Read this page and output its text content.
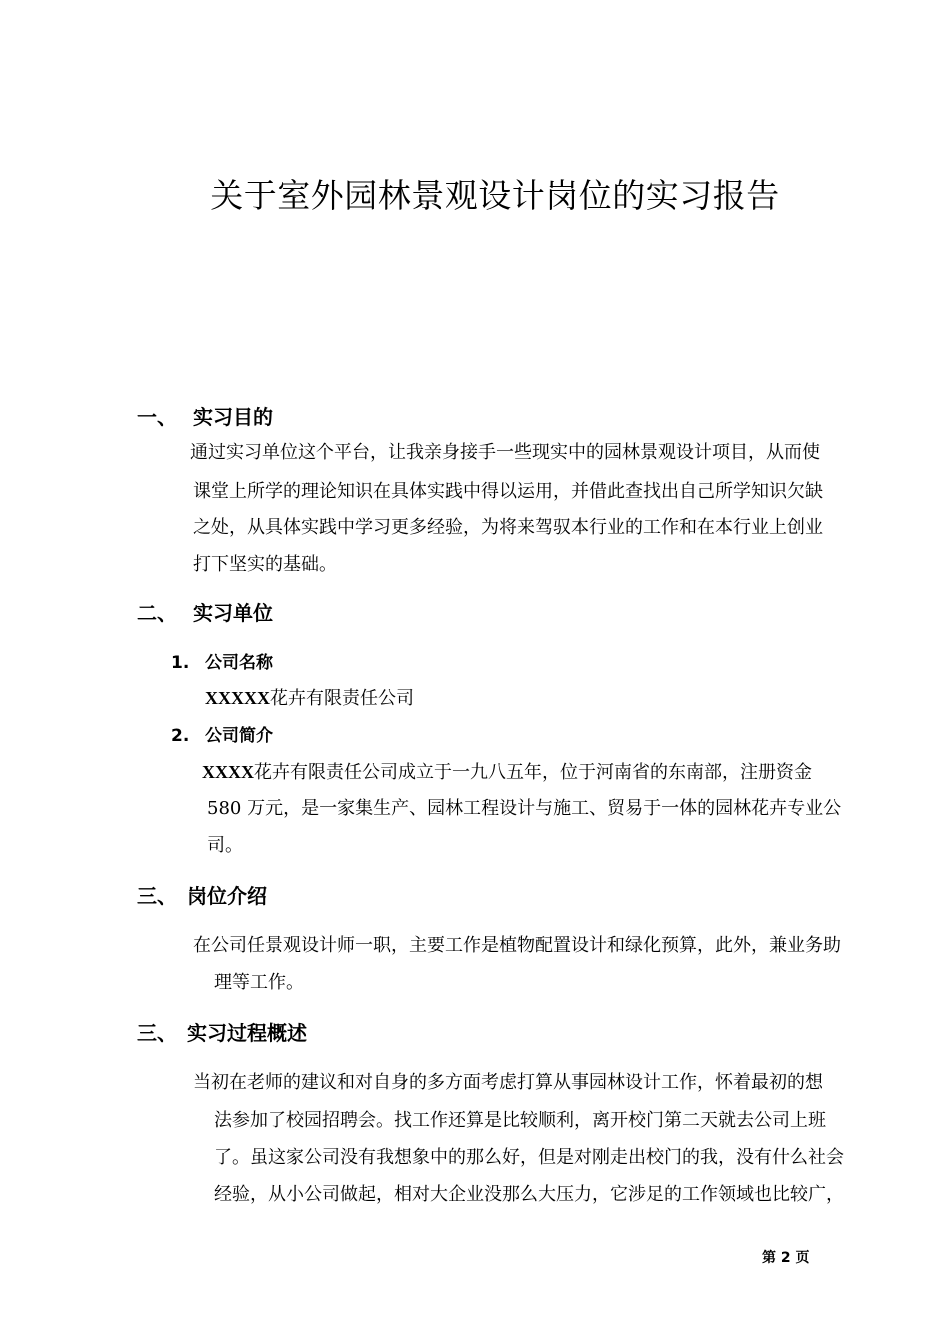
关于室外园林景观设计岗位的实习报告
一、 实习目的
通过实习单位这个平台，让我亲身接手一些现实中的园林景观设计项目，从而使
课堂上所学的理论知识在具体实践中得以运用，并借此查找出自己所学知识欠缺
之处，从具体实践中学习更多经验，为将来驾驭本行业的工作和在本行业上创业
打下坚实的基础。
二、 实习单位
1. 公司名称
XXXXX花卉有限责任公司
2. 公司简介
XXXX花卉有限责任公司成立于一九八五年，位于河南省的东南部，注册资金
580 万元，是一家集生产、园林工程设计与施工、贸易于一体的园林花卉专业公
司。
三、 岗位介绍
在公司任景观设计师一职，主要工作是植物配置设计和绿化预算，此外，兼业务助
理等工作。
三、 实习过程概述
当初在老师的建议和对自身的多方面考虑打算从事园林设计工作，怀着最初的想
法参加了校园招聘会。找工作还算是比较顺利，离开校门第二天就去公司上班
了。虽这家公司没有我想象中的那么好，但是对刚走出校门的我，没有什么社会
经验，从小公司做起，相对大企业没那么大压力，它涉足的工作领域也比较广，
第 2 页
